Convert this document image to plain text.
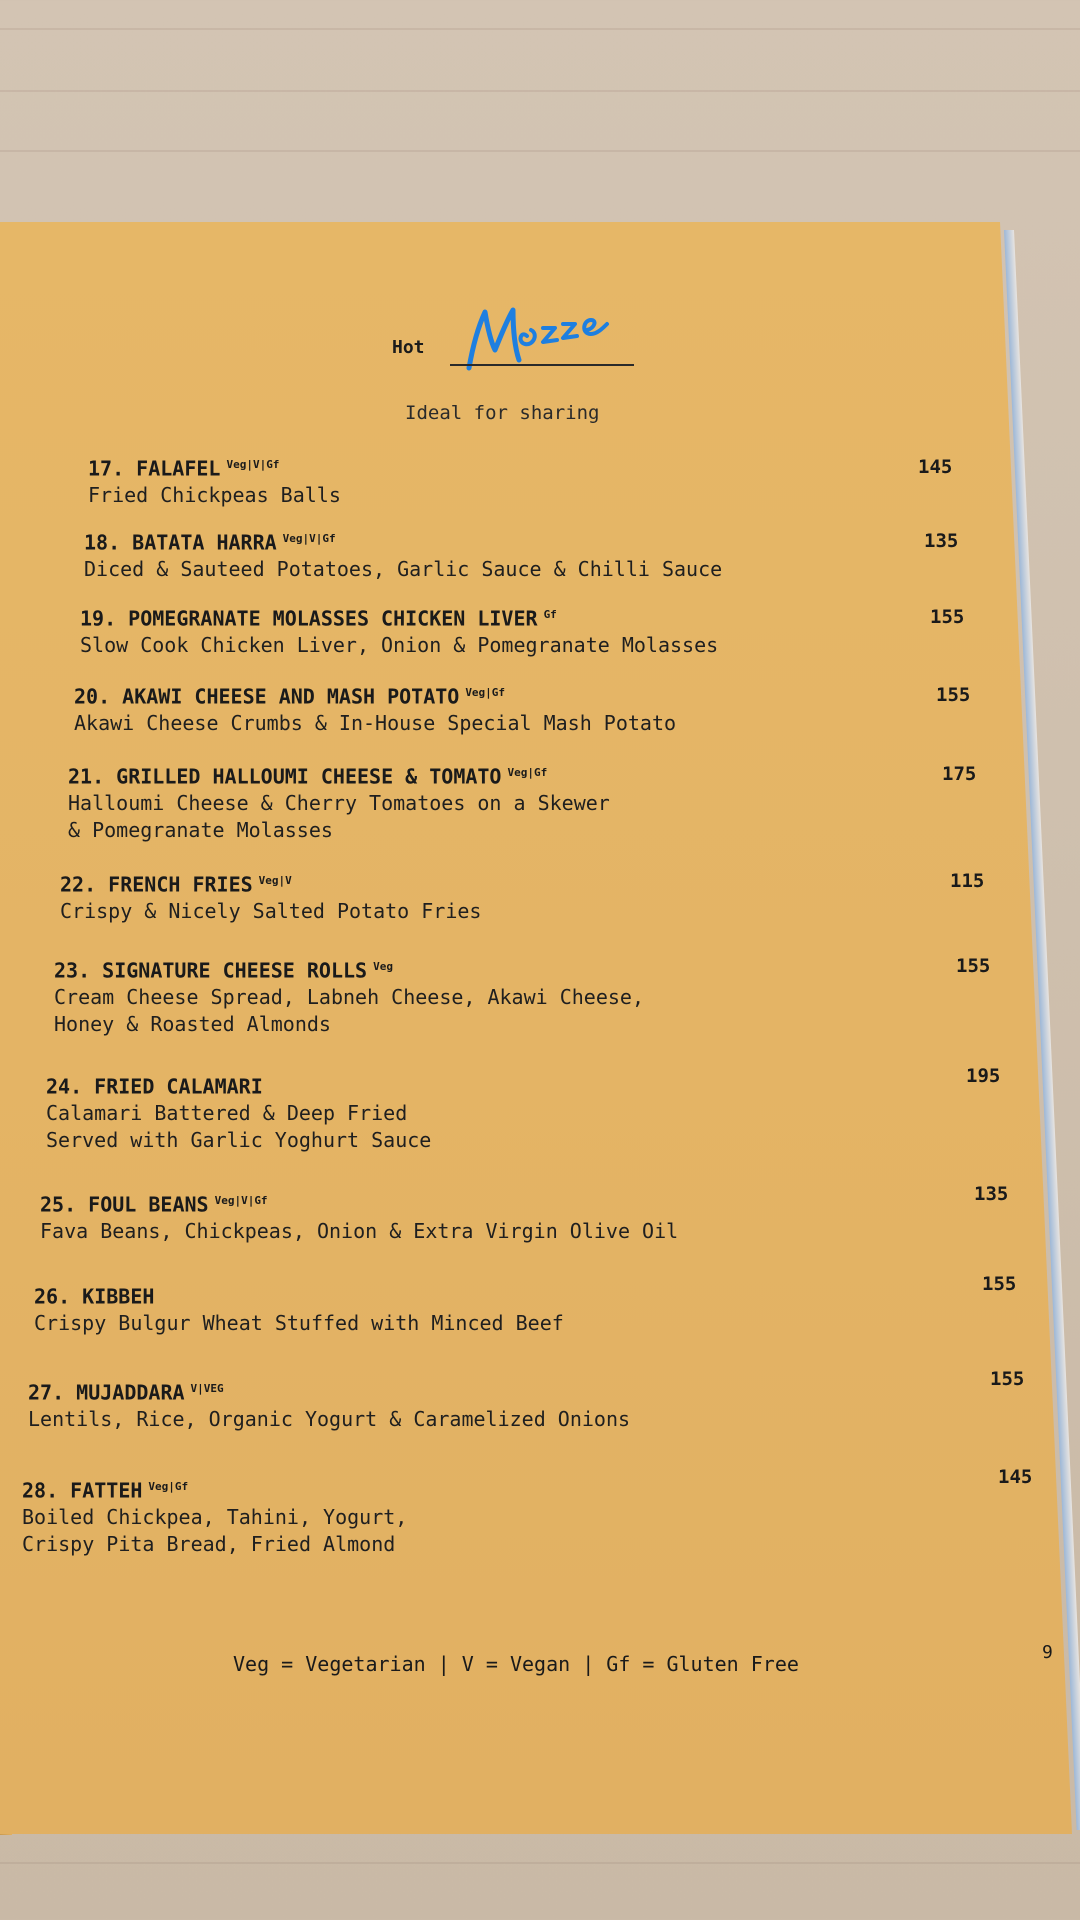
Hot
Ideal for sharing
17. FALAFEL $^{Veg|V|Gf}$
Fried Chickpeas Balls
145
18. BATATA HARRA $^{Veg|V|Gf}$
Diced & Sauteed Potatoes, Garlic Sauce & Chilli Sauce
135
19. POMEGRANATE MOLASSES CHICKEN LIVER $^{Gf}$
Slow Cook Chicken Liver, Onion & Pomegranate Molasses
155
20. AKAWI CHEESE AND MASH POTATO $^{Veg|Gf}$
Akawi Cheese Crumbs & In-House Special Mash Potato
155
21. GRILLED HALLOUMI CHEESE & TOMATO $^{Veg|Gf}$
Halloumi Cheese & Cherry Tomatoes on a Skewer
& Pomegranate Molasses
175
22. FRENCH FRIES $^{Veg|V}$
Crispy & Nicely Salted Potato Fries
115
23. SIGNATURE CHEESE ROLLS $^{Veg}$
Cream Cheese Spread, Labneh Cheese, Akawi Cheese,
Honey & Roasted Almonds
155
24. FRIED CALAMARI
Calamari Battered & Deep Fried
Served with Garlic Yoghurt Sauce
195
25. FOUL BEANS $^{Veg|V|Gf}$
Fava Beans, Chickpeas, Onion & Extra Virgin Olive Oil
135
26. KIBBEH
Crispy Bulgur Wheat Stuffed with Minced Beef
155
27. MUJADDARA $^{V|VEG}$
Lentils, Rice, Organic Yogurt & Caramelized Onions
155
28. FATTEH $^{Veg|Gf}$
Boiled Chickpea, Tahini, Yogurt,
Crispy Pita Bread, Fried Almond
145
Veg = Vegetarian | V = Vegan | Gf = Gluten Free	9
